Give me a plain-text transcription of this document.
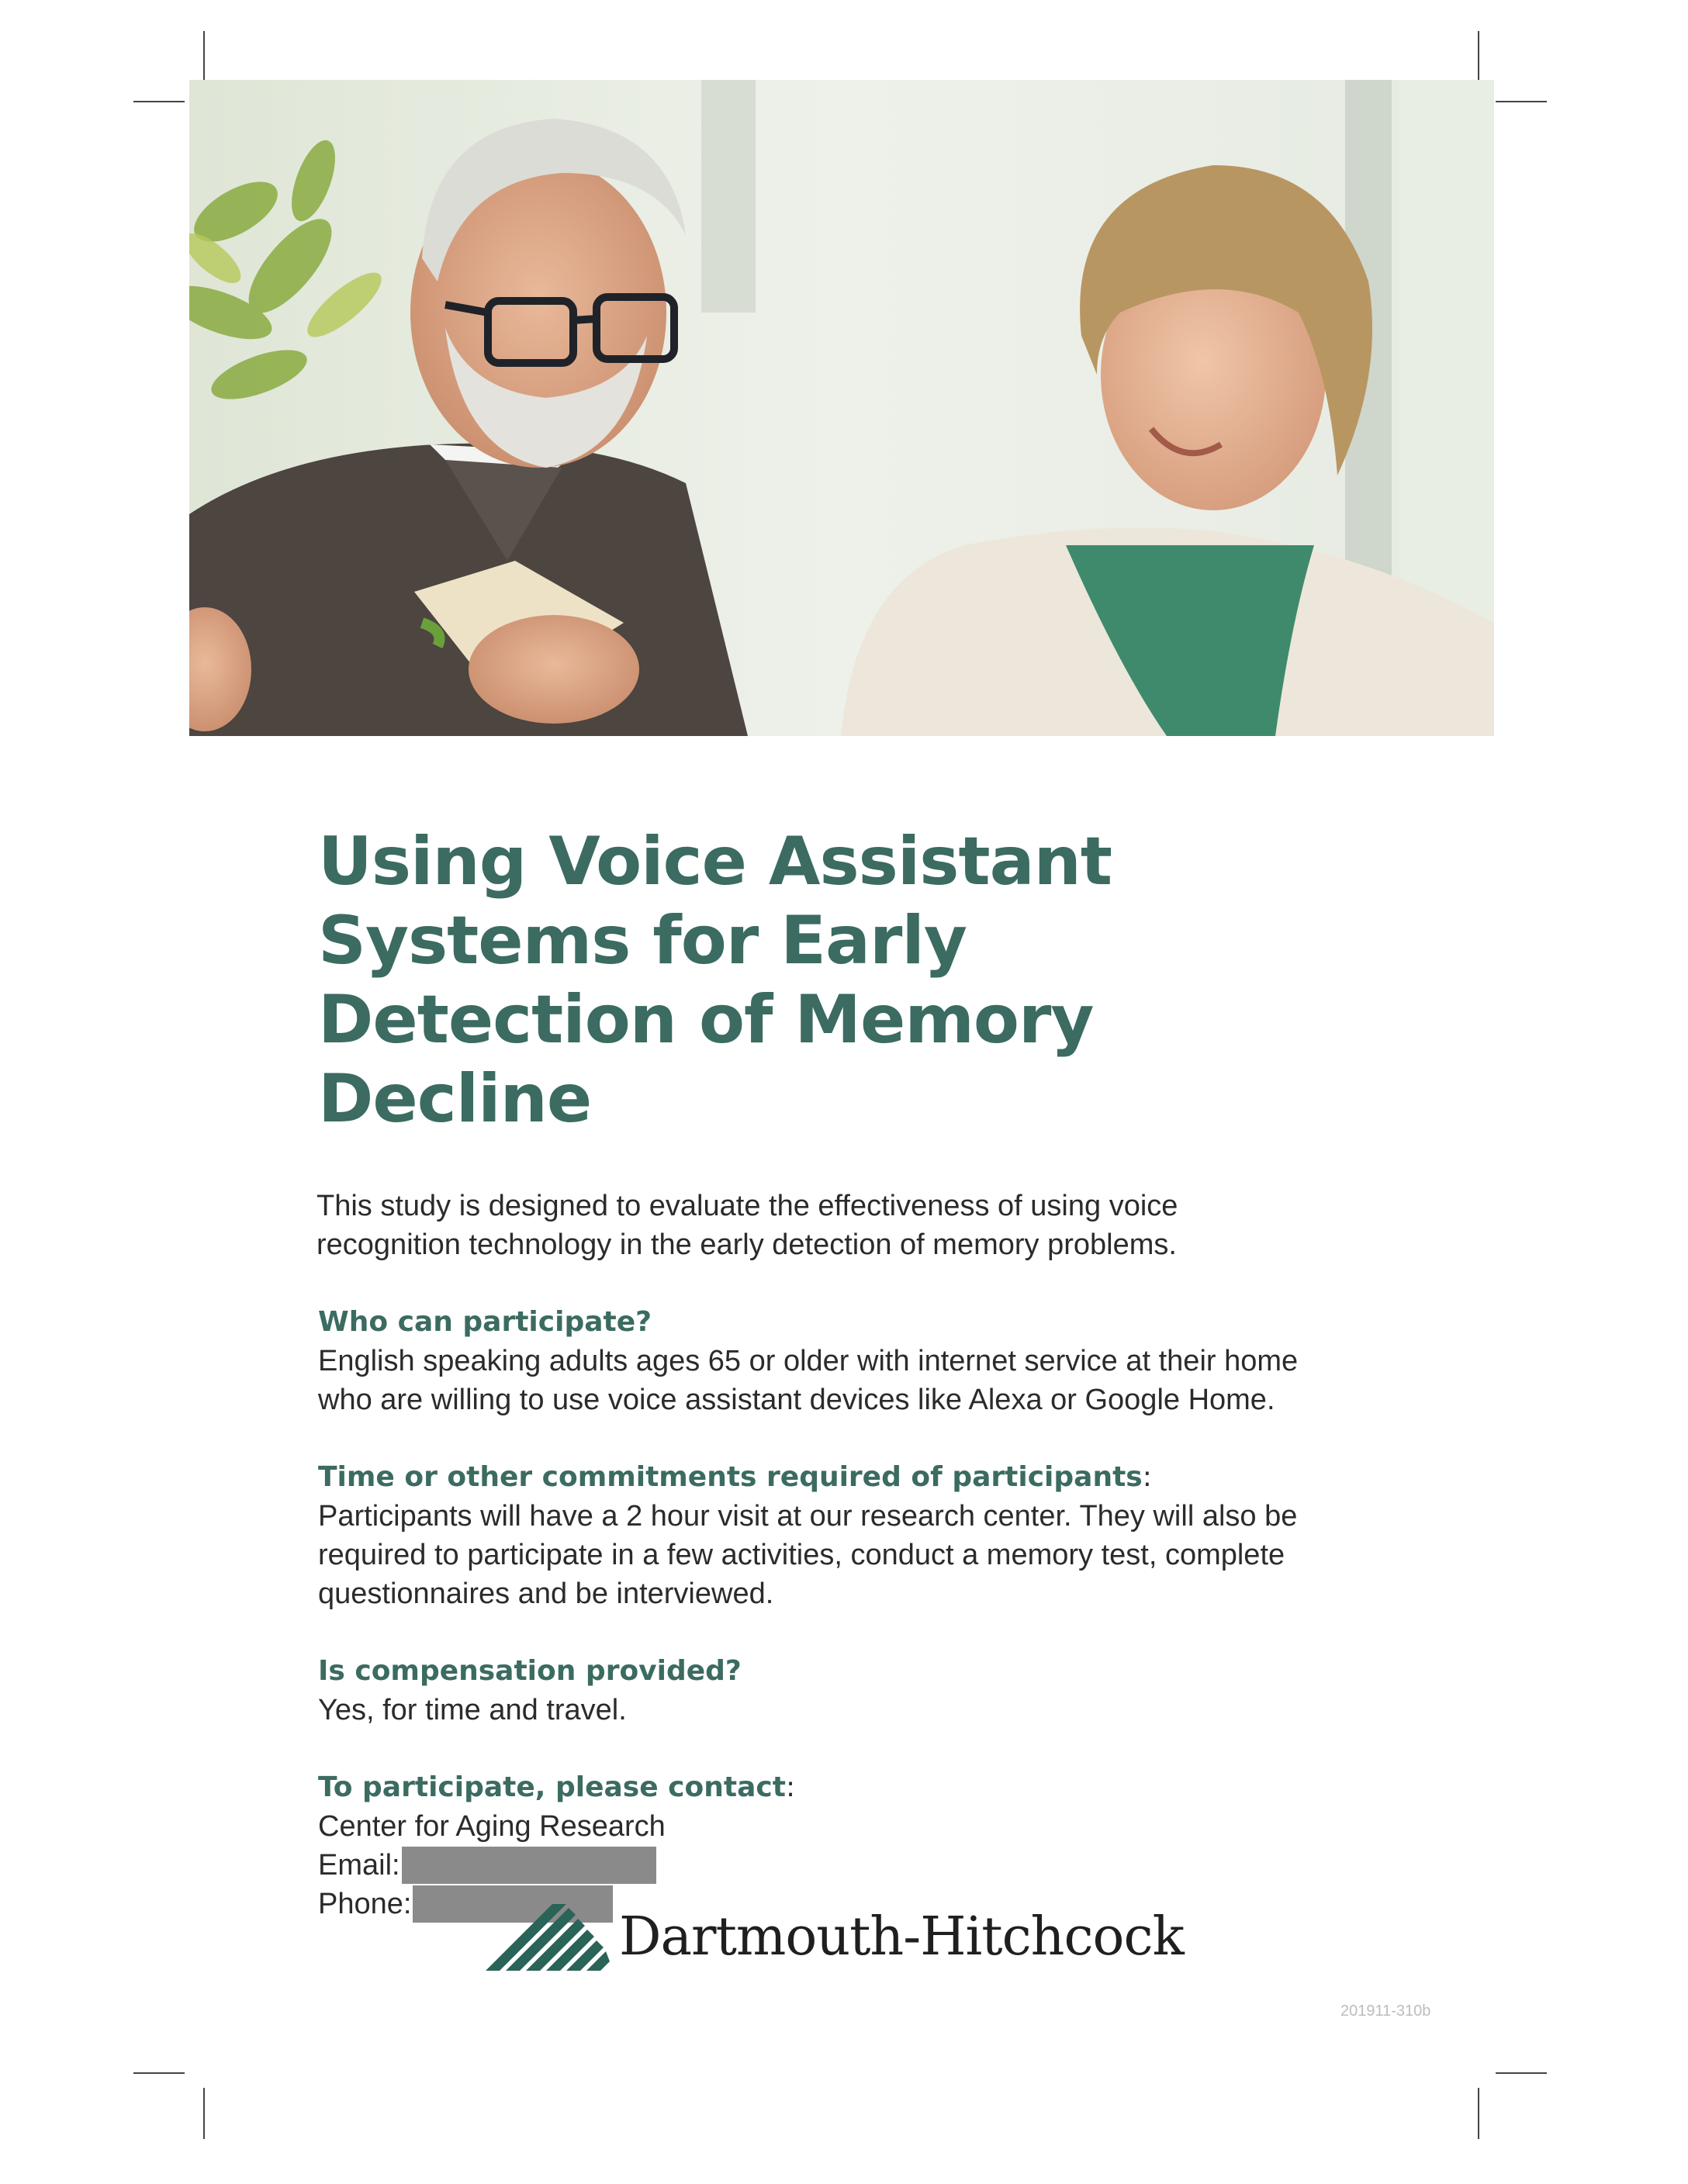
Using Voice Assistant Systems for Early Detection of Memory Decline

This study is designed to evaluate the effectiveness of using voice recognition technology in the early detection of memory problems.

Who can participate?

English speaking adults ages 65 or older with internet service at their home who are willing to use voice assistant devices like Alexa or Google Home.

Time or other commitments required of participants:

Participants will have a 2 hour visit at our research center. They will also be required to participate in a few activities, conduct a memory test, complete questionnaires and be interviewed.

Is compensation provided?

Yes, for time and travel.

To participate, please contact:

Center for Aging Research
Email:
Phone:
Dartmouth-Hitchcock
201911-310b
